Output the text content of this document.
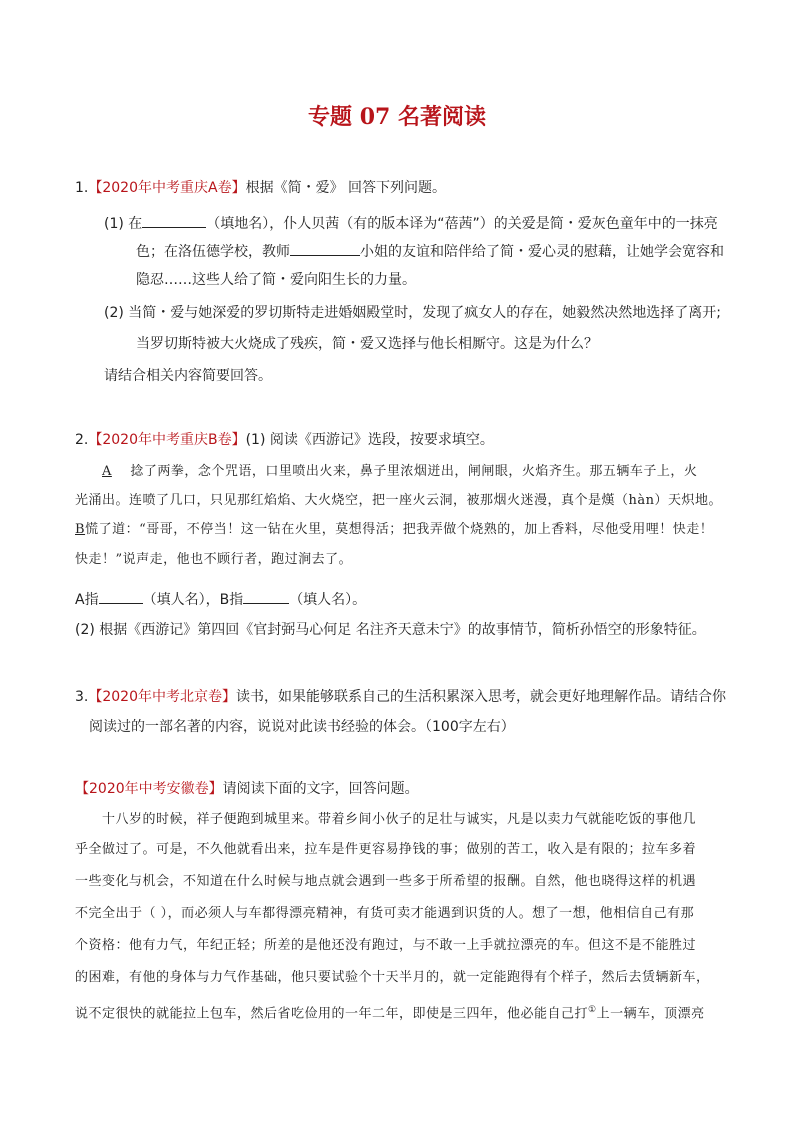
专题 07 名著阅读
1.【2020年中考重庆A卷】根据《简・爱》 回答下列问题。
(1) 在	（填地名），仆人贝茜（有的版本译为“蓓茜”）的关爱是简・爱灰色童年中的一抹亮
色；在洛伍德学校，教师	小姐的友谊和陪伴给了简・爱心灵的慰藉，让她学会宽容和
隐忍……这些人给了简・爱向阳生长的力量。
(2) 当简・爱与她深爱的罗切斯特走进婚姻殿堂时，发现了疯女人的存在，她毅然决然地选择了离开;
当罗切斯特被大火烧成了残疾，简・爱又选择与他长相厮守。这是为什么？
请结合相关内容简要回答。
2.【2020年中考重庆B卷】(1) 阅读《西游记》选段，按要求填空。
A 捻了两拳，念个咒语，口里喷出火来，鼻子里浓烟迸出，闸闸眼，火焰齐生。那五辆车子上，火
光涌出。连喷了几口，只见那红焰焰、大火烧空，把一座火云洞，被那烟火迷漫，真个是熯（hàn）天炽地。
B慌了道：“哥哥，不停当！这一钻在火里，莫想得活；把我弄做个烧熟的，加上香料，尽他受用哩！快走！
快走！”说声走，他也不顾行者，跑过涧去了。
A指	（填人名），B指	（填人名）。
(2) 根据《西游记》第四回《官封弼马心何足 名注齐天意未宁》的故事情节，简析孙悟空的形象特征。
3.【2020年中考北京卷】读书，如果能够联系自己的生活积累深入思考，就会更好地理解作品。请结合你
阅读过的一部名著的内容，说说对此读书经验的体会。（100字左右）
【2020年中考安徽卷】请阅读下面的文字，回答问题。
十八岁的时候，祥子便跑到城里来。带着乡间小伙子的足壮与诚实，凡是以卖力气就能吃饭的事他几
乎全做过了。可是，不久他就看出来，拉车是件更容易挣钱的事；做别的苦工，收入是有限的；拉车多着
一些变化与机会，不知道在什么时候与地点就会遇到一些多于所希望的报酬。自然，他也晓得这样的机遇
不完全出于（ ），而必须人与车都得漂亮精神，有货可卖才能遇到识货的人。想了一想，他相信自己有那
个资格：他有力气，年纪正轻；所差的是他还没有跑过，与不敢一上手就拉漂亮的车。但这不是不能胜过
的困难，有他的身体与力气作基础，他只要试验个十天半月的，就一定能跑得有个样子，然后去赁辆新车，
说不定很快的就能拉上包车，然后省吃俭用的一年二年，即使是三四年，他必能自己打①上一辆车，顶漂亮
